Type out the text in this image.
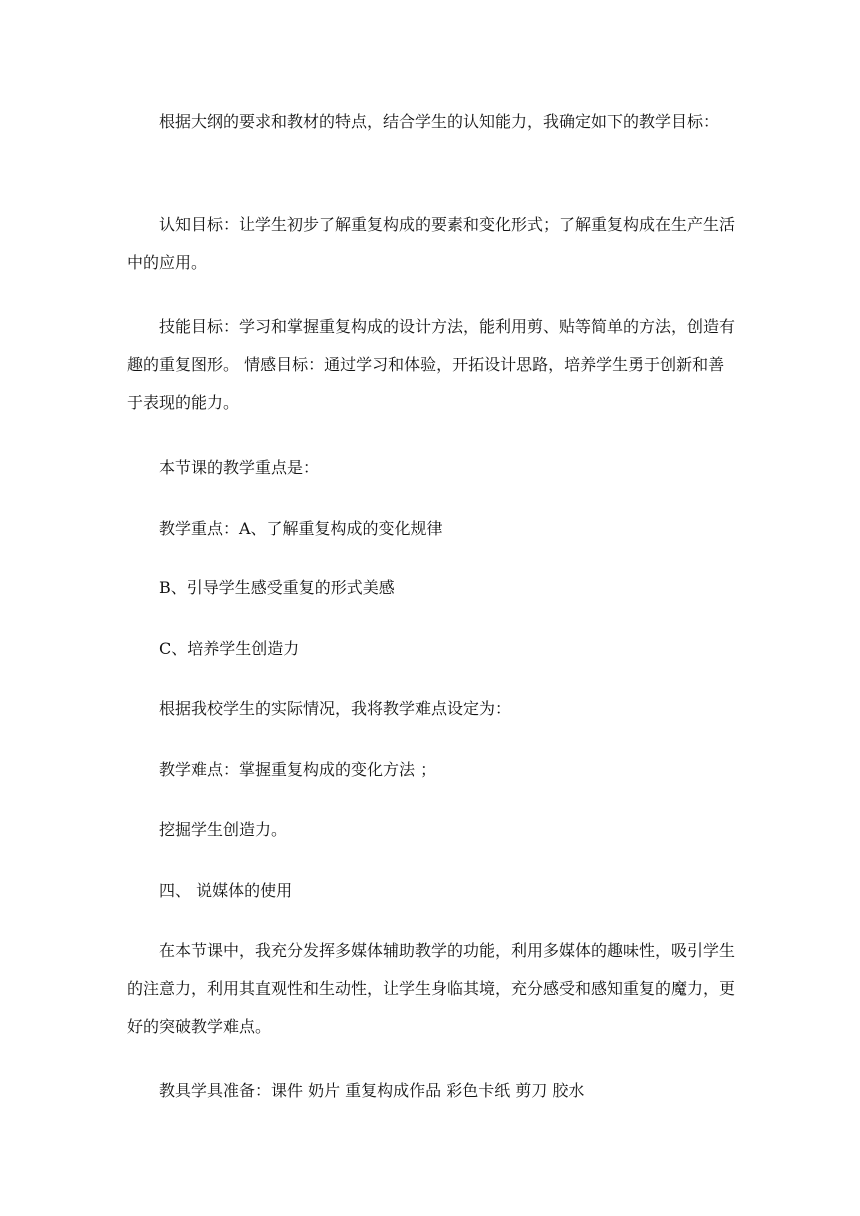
根据大纲的要求和教材的特点，结合学生的认知能力，我确定如下的教学目标：

认知目标：让学生初步了解重复构成的要素和变化形式；了解重复构成在生产生活中的应用。

技能目标：学习和掌握重复构成的设计方法，能利用剪、贴等简单的方法，创造有趣的重复图形。 情感目标：通过学习和体验，开拓设计思路，培养学生勇于创新和善于表现的能力。

本节课的教学重点是：

教学重点：A、了解重复构成的变化规律

B、引导学生感受重复的形式美感

C、培养学生创造力

根据我校学生的实际情况，我将教学难点设定为：

教学难点：掌握重复构成的变化方法 ；

挖掘学生创造力。

四、 说媒体的使用

在本节课中，我充分发挥多媒体辅助教学的功能，利用多媒体的趣味性，吸引学生的注意力，利用其直观性和生动性，让学生身临其境，充分感受和感知重复的魔力，更好的突破教学难点。

教具学具准备：课件 奶片 重复构成作品 彩色卡纸 剪刀 胶水
